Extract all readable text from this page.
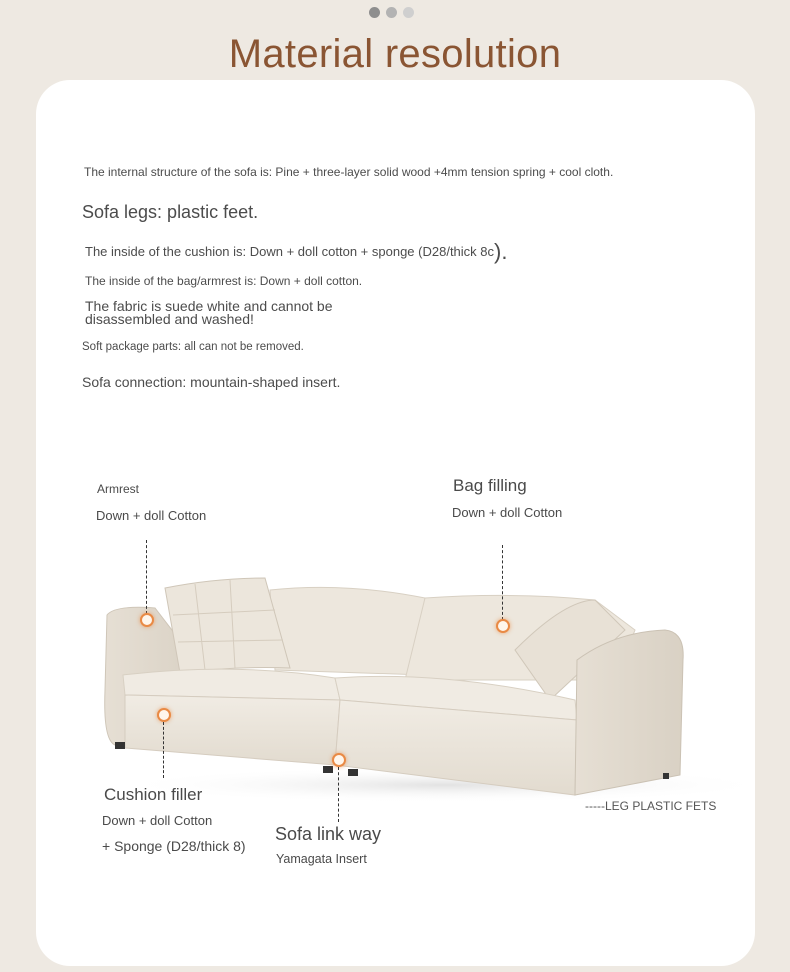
Material resolution
The internal structure of the sofa is: Pine + three-layer solid wood +4mm tension spring + cool cloth.
Sofa legs: plastic feet.
The inside of the cushion is: Down + doll cotton + sponge (D28/thick 8c).
The inside of the bag/armrest is: Down + doll cotton.
The fabric is suede white and cannot be disassembled and washed!
Soft package parts: all can not be removed.
Sofa connection: mountain-shaped insert.
Armrest
Down + doll Cotton
Bag filling
Down + doll Cotton
Cushion filler
Down + doll Cotton
+ Sponge (D28/thick 8)
Sofa link way
Yamagata Insert
-----LEG PLASTIC FETS
